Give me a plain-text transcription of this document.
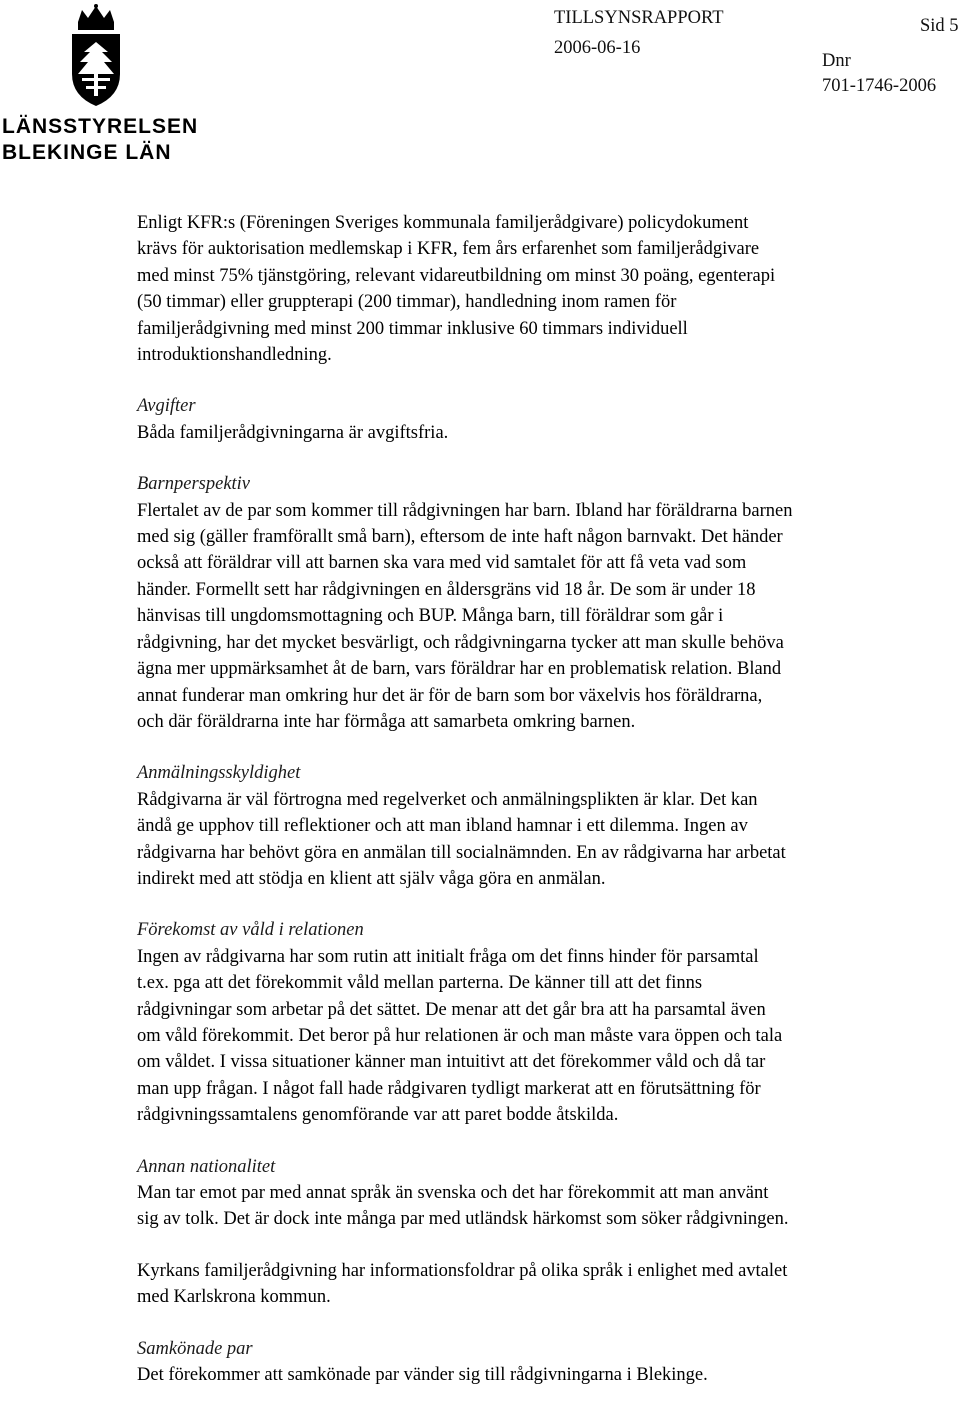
LÄNSSTYRELSEN
BLEKINGE LÄN
TILLSYNSRAPPORT
2006-06-16
Sid 5
Dnr
701-1746-2006
Enligt KFR:s (Föreningen Sveriges kommunala familjerådgivare) policydokument
krävs för auktorisation medlemskap i KFR, fem års erfarenhet som familjerådgivare
med minst 75% tjänstgöring, relevant vidareutbildning om minst 30 poäng, egenterapi
(50 timmar) eller gruppterapi (200 timmar), handledning inom ramen för
familjerådgivning med minst 200 timmar inklusive 60 timmars individuell
introduktionshandledning.
Avgifter
Båda familjerådgivningarna är avgiftsfria.
Barnperspektiv
Flertalet av de par som kommer till rådgivningen har barn. Ibland har föräldrarna barnen
med sig (gäller framförallt små barn), eftersom de inte haft någon barnvakt. Det händer
också att föräldrar vill att barnen ska vara med vid samtalet för att få veta vad som
händer. Formellt sett har rådgivningen en åldersgräns vid 18 år. De som är under 18
hänvisas till ungdomsmottagning och BUP. Många barn, till föräldrar som går i
rådgivning, har det mycket besvärligt, och rådgivningarna tycker att man skulle behöva
ägna mer uppmärksamhet åt de barn, vars föräldrar har en problematisk relation. Bland
annat funderar man omkring hur det är för de barn som bor växelvis hos föräldrarna,
och där föräldrarna inte har förmåga att samarbeta omkring barnen.
Anmälningsskyldighet
Rådgivarna är väl förtrogna med regelverket och anmälningsplikten är klar. Det kan
ändå ge upphov till reflektioner och att man ibland hamnar i ett dilemma. Ingen av
rådgivarna har behövt göra en anmälan till socialnämnden. En av rådgivarna har arbetat
indirekt med att stödja en klient att själv våga göra en anmälan.
Förekomst av våld i relationen
Ingen av rådgivarna har som rutin att initialt fråga om det finns hinder för parsamtal
t.ex. pga att det förekommit våld mellan parterna. De känner till att det finns
rådgivningar som arbetar på det sättet. De menar att det går bra att ha parsamtal även
om våld förekommit. Det beror på hur relationen är och man måste vara öppen och tala
om våldet. I vissa situationer känner man intuitivt att det förekommer våld och då tar
man upp frågan. I något fall hade rådgivaren tydligt markerat att en förutsättning för
rådgivningssamtalens genomförande var att paret bodde åtskilda.
Annan nationalitet
Man tar emot par med annat språk än svenska och det har förekommit att man använt
sig av tolk. Det är dock inte många par med utländsk härkomst som söker rådgivningen.
Kyrkans familjerådgivning har informationsfoldrar på olika språk i enlighet med avtalet
med Karlskrona kommun.
Samkönade par
Det förekommer att samkönade par vänder sig till rådgivningarna i Blekinge.
